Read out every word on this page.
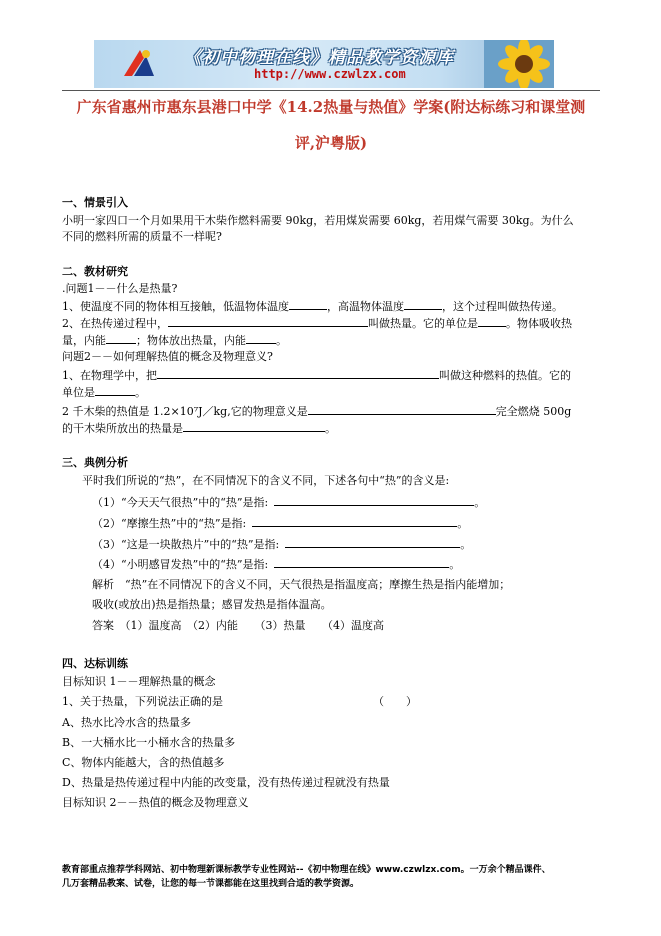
《初中物理在线》精品教学资源库
http://www.czwlzx.com
广东省惠州市惠东县港口中学《14.2热量与热值》学案(附达标练习和课堂测
评,沪粤版)
一、情景引入
小明一家四口一个月如果用干木柴作燃料需要 90kg，若用煤炭需要 60kg，若用煤气需要 30kg。为什么
不同的燃料所需的质量不一样呢?
二、教材研究
.问题1－－什么是热量?
1、使温度不同的物体相互接触，低温物体温度	，高温物体温度	，这个过程叫做热传递。
2、在热传递过程中，	叫做热量。它的单位是	。物体吸收热
量，内能	；物体放出热量，内能	。
问题2－－如何理解热值的概念及物理意义?
1、在物理学中，把	叫做这种燃料的热值。它的
单位是	。
2 千木柴的热值是 1.2×10⁷J／kg,它的物理意义是	完全燃烧 500g
的干木柴所放出的热量是	。
三、典例分析
平时我们所说的“热”，在不同情况下的含义不同，下述各句中“热”的含义是:
（1）“今天天气很热”中的“热”是指:	。
（2）“摩擦生热”中的“热”是指:	。
（3）“这是一块散热片”中的“热”是指:	。
（4）“小明感冒发热”中的“热”是指:	。
解析　“热”在不同情况下的含义不同，天气很热是指温度高；摩擦生热是指内能增加；
吸收(或放出)热是指热量；感冒发热是指体温高。
答案　（1）温度高　（2）内能　　（3）热量　　（4）温度高
四、达标训练
目标知识 1－－理解热量的概念
1、关于热量，下列说法正确的是	（　　）
A、热水比冷水含的热量多
B、一大桶水比一小桶水含的热量多
C、物体内能越大，含的热值越多
D、热量是热传递过程中内能的改变量，没有热传递过程就没有热量
目标知识 2－－热值的概念及物理意义
教育部重点推荐学科网站、初中物理新课标教学专业性网站--《初中物理在线》www.czwlzx.com。一万余个精品课件、
几万套精品教案、试卷，让您的每一节课都能在这里找到合适的教学资源。
